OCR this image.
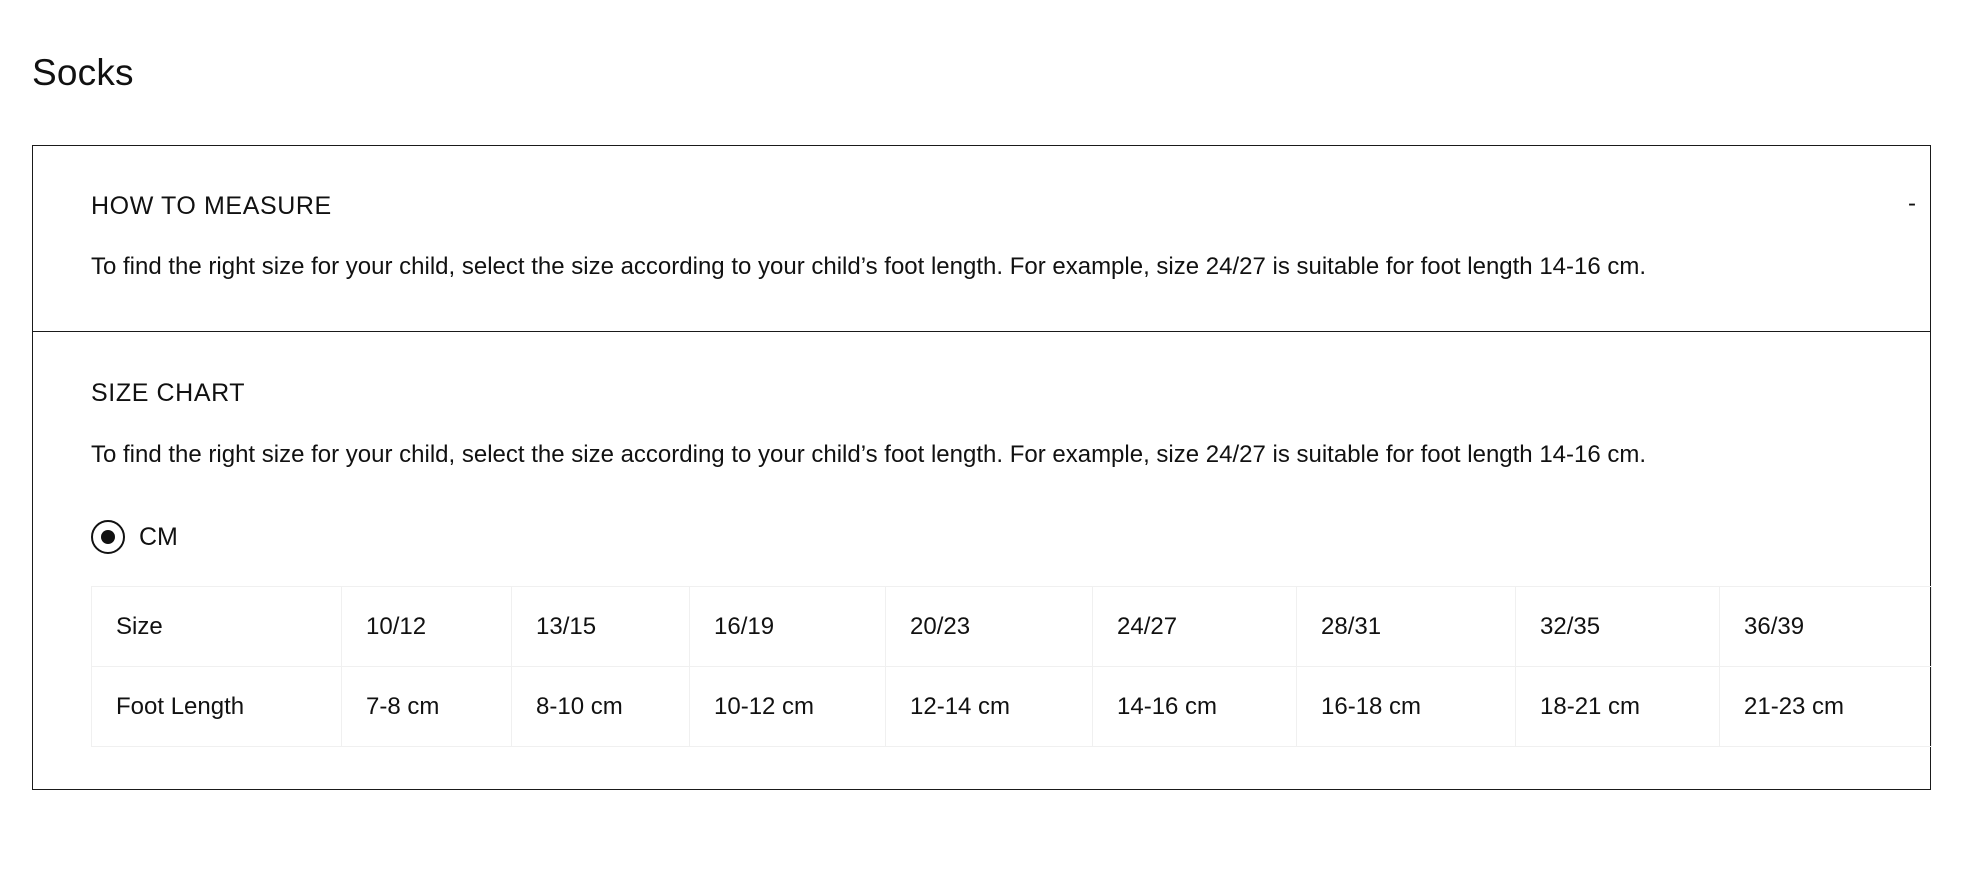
Socks
HOW TO MEASURE	-
To find the right size for your child, select the size according to your child’s foot length. For example, size 24/27 is suitable for foot length 14-16 cm.
SIZE CHART
To find the right size for your child, select the size according to your child’s foot length. For example, size 24/27 is suitable for foot length 14-16 cm.
CM
Size	10/12	13/15	16/19	20/23	24/27	28/31	32/35	36/39
Foot Length	7-8 cm	8-10 cm	10-12 cm	12-14 cm	14-16 cm	16-18 cm	18-21 cm	21-23 cm
